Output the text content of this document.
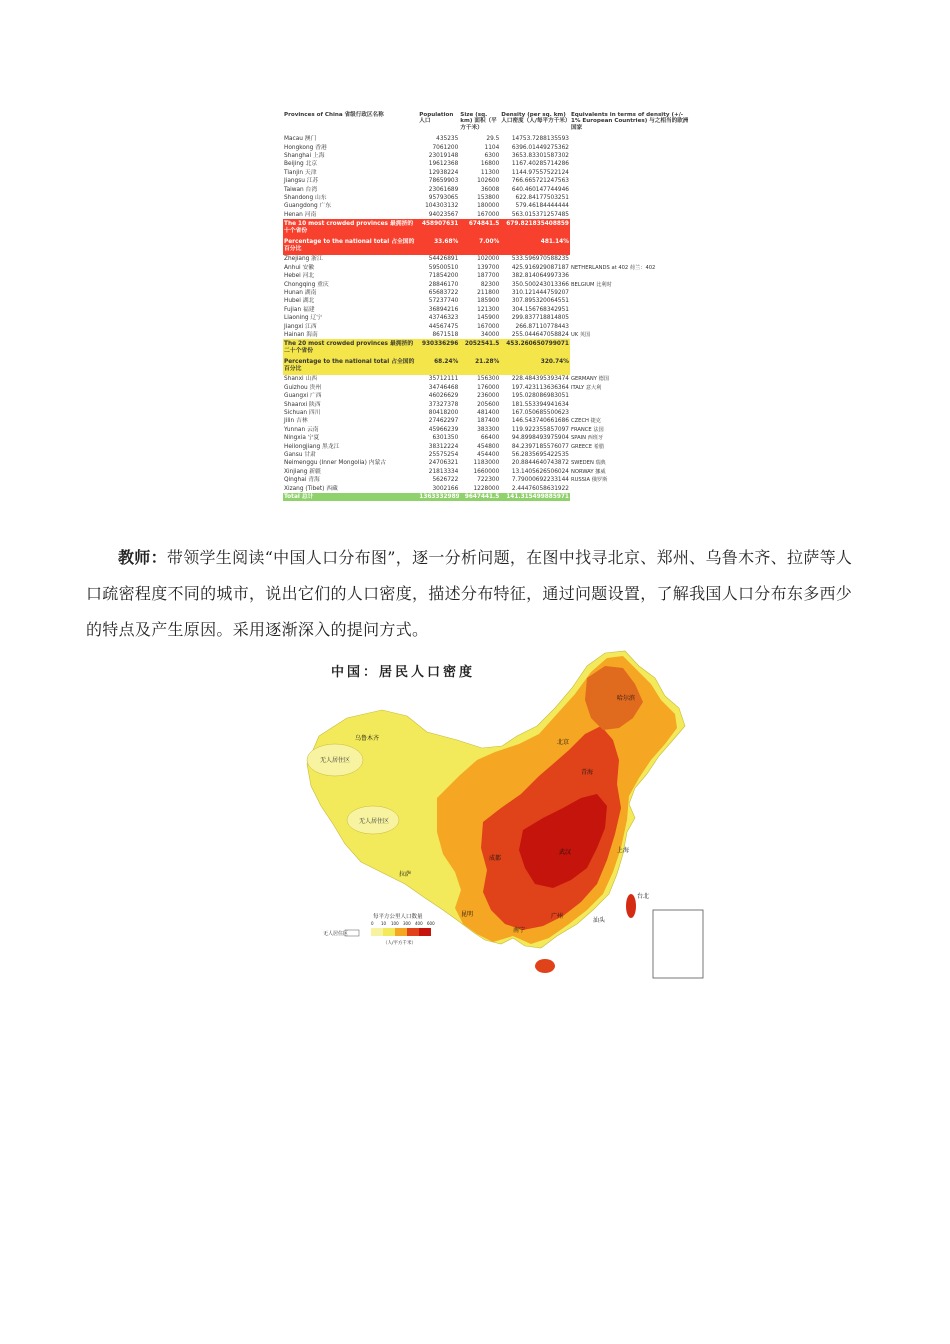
Provinces of China 省级行政区名称	Population 人口	Size (sq. km) 面积（平方千米）	Density (per sq. km) 人口密度（人/每平方千米）	Equivalents in terms of density (+/- 1% European Countries) 与之相当的欧洲国家
Macau 澳门	435235	29.5	14753.7288135593	
Hongkong 香港	7061200	1104	6396.01449275362	
Shanghai 上海	23019148	6300	3653.83301587302	
Beijing 北京	19612368	16800	1167.40285714286	
Tianjin 天津	12938224	11300	1144.97557522124	
Jiangsu 江苏	78659903	102600	766.665721247563	
Taiwan 台湾	23061689	36008	640.460147744946	
Shandong 山东	95793065	153800	622.84177503251	
Guangdong 广东	104303132	180000	579.46184444444	
Henan 河南	94023567	167000	563.015371257485	
The 10 most crowded provinces 最拥挤的十个省份	458907631	674841.5	679.821835408859	
Percentage to the national total 占全国的百分比	33.68%	7.00%	481.14%	
Zhejiang 浙江	54426891	102000	533.596970588235	
Anhui 安徽	59500510	139700	425.916929087187	NETHERLANDS at 402 荷兰：402
Hebei 河北	71854200	187700	382.814064997336	
Chongqing 重庆	28846170	82300	350.500243013366	BELGIUM 比利时
Hunan 湖南	65683722	211800	310.121444759207	
Hubei 湖北	57237740	185900	307.895320064551	
Fujian 福建	36894216	121300	304.156768342951	
Liaoning 辽宁	43746323	145900	299.837718814805	
Jiangxi 江西	44567475	167000	266.87110778443	
Hainan 海南	8671518	34000	255.044647058824	UK 英国
The 20 most crowded provinces 最拥挤的二十个省份	930336296	2052541.5	453.260650799071	
Percentage to the national total 占全国的百分比	68.24%	21.28%	320.74%	
Shanxi 山西	35712111	156300	228.484395393474	GERMANY 德国
Guizhou 贵州	34746468	176000	197.423113636364	ITALY 意大利
Guangxi 广西	46026629	236000	195.028086983051	
Shaanxi 陕西	37327378	205600	181.553394941634	
Sichuan 四川	80418200	481400	167.050685500623	
Jilin 吉林	27462297	187400	146.543740661686	CZECH 捷克
Yunnan 云南	45966239	383300	119.922355857097	FRANCE 法国
Ningxia 宁夏	6301350	66400	94.8998493975904	SPAIN 西班牙
Heilongjiang 黑龙江	38312224	454800	84.2397185576077	GREECE 希腊
Gansu 甘肃	25575254	454400	56.2835695422535	
Neimenggu (Inner Mongolia) 内蒙古	24706321	1183000	20.8844640743872	SWEDEN 瑞典
Xinjiang 新疆	21813334	1660000	13.1405626506024	NORWAY 挪威
Qinghai 青海	5626722	722300	7.79000692233144	RUSSIA 俄罗斯
Xizang (Tibet) 西藏	3002166	1228000	2.44476058631922	
Total 总计	1363332989	9647441.5	141.315499885971	
教师：带领学生阅读“中国人口分布图”，逐一分析问题，在图中找寻北京、郑州、乌鲁木齐、拉萨等人口疏密程度不同的城市，说出它们的人口密度，描述分布特征，通过问题设置，了解我国人口分布东多西少的特点及产生原因。采用逐渐深入的提问方式。
中国：居民人口密度
无人居住区
无人居住区
每平方公里人口数量
无人居住区
0 10 100 300 400 600
（人/平方千米）
北京
上海
台北
青海
南宁
乌鲁木齐
拉萨
昆明
成都
武汉
广州
汕头
哈尔滨
